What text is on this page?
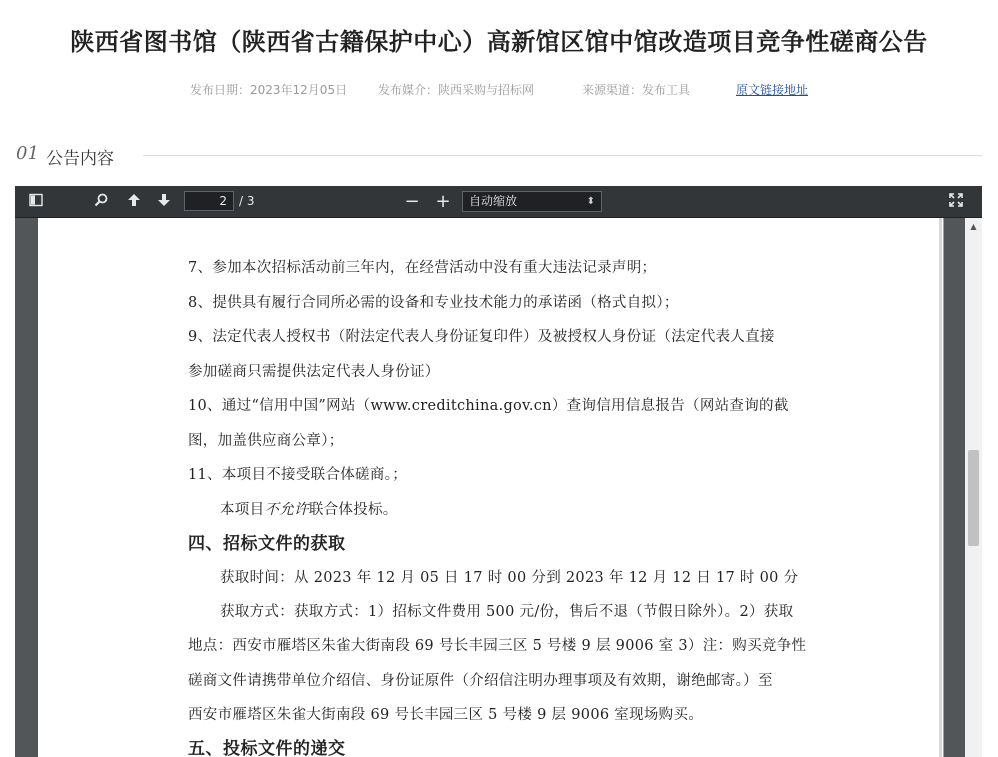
陕西省图书馆（陕西省古籍保护中心）高新馆区馆中馆改造项目竞争性磋商公告
发布日期：2023年12月05日	发布媒介：陕西采购与招标网	来源渠道：发布工具	原文链接地址
01 公告内容
2	/ 3	− +	自动缩放	⬍
7、参加本次招标活动前三年内，在经营活动中没有重大违法记录声明；
8、提供具有履行合同所必需的设备和专业技术能力的承诺函（格式自拟）；
9、法定代表人授权书（附法定代表人身份证复印件）及被授权人身份证（法定代表人直接
参加磋商只需提供法定代表人身份证）
10、通过“信用中国”网站（www.creditchina.gov.cn）查询信用信息报告（网站查询的截
图，加盖供应商公章）；
11、本项目不接受联合体磋商。；
本项目不允许联合体投标。
四、招标文件的获取
获取时间：从 2023 年 12 月 05 日 17 时 00 分到 2023 年 12 月 12 日 17 时 00 分
获取方式：获取方式：1）招标文件费用 500 元/份，售后不退（节假日除外）。2）获取
地点：西安市雁塔区朱雀大街南段 69 号长丰园三区 5 号楼 9 层 9006 室 3）注：购买竞争性
磋商文件请携带单位介绍信、身份证原件（介绍信注明办理事项及有效期，谢绝邮寄。）至
西安市雁塔区朱雀大街南段 69 号长丰园三区 5 号楼 9 层 9006 室现场购买。
五、投标文件的递交
▲
